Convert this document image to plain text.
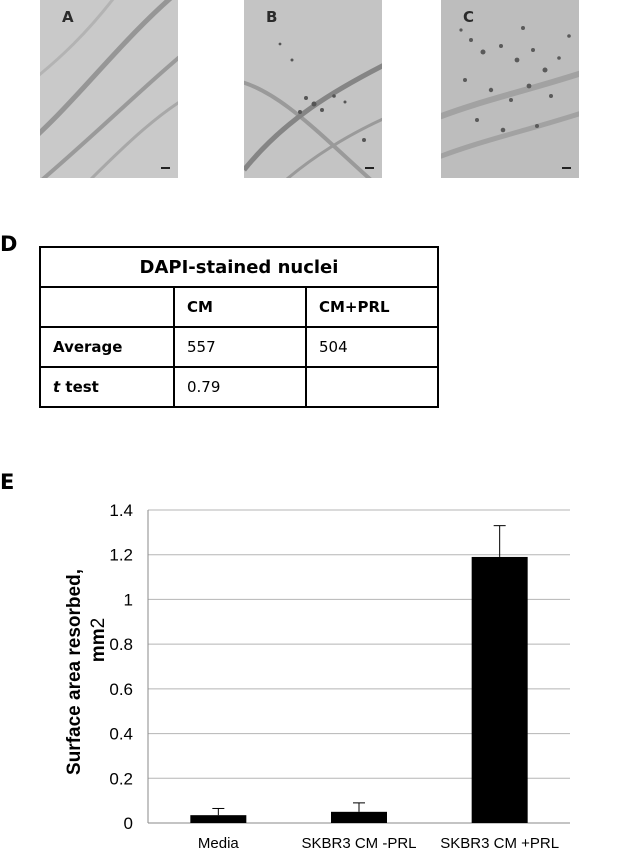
A	B	C
D
DAPI-stained nuclei		
	CM	CM+PRL
Average	557	504
t test	0.79	
E
0
0.2
0.4
0.6
0.8
1
1.2
1.4
Media	SKBR3 CM -PRL SKBR3 CM +PRL
Surface area resorbed, mm2
